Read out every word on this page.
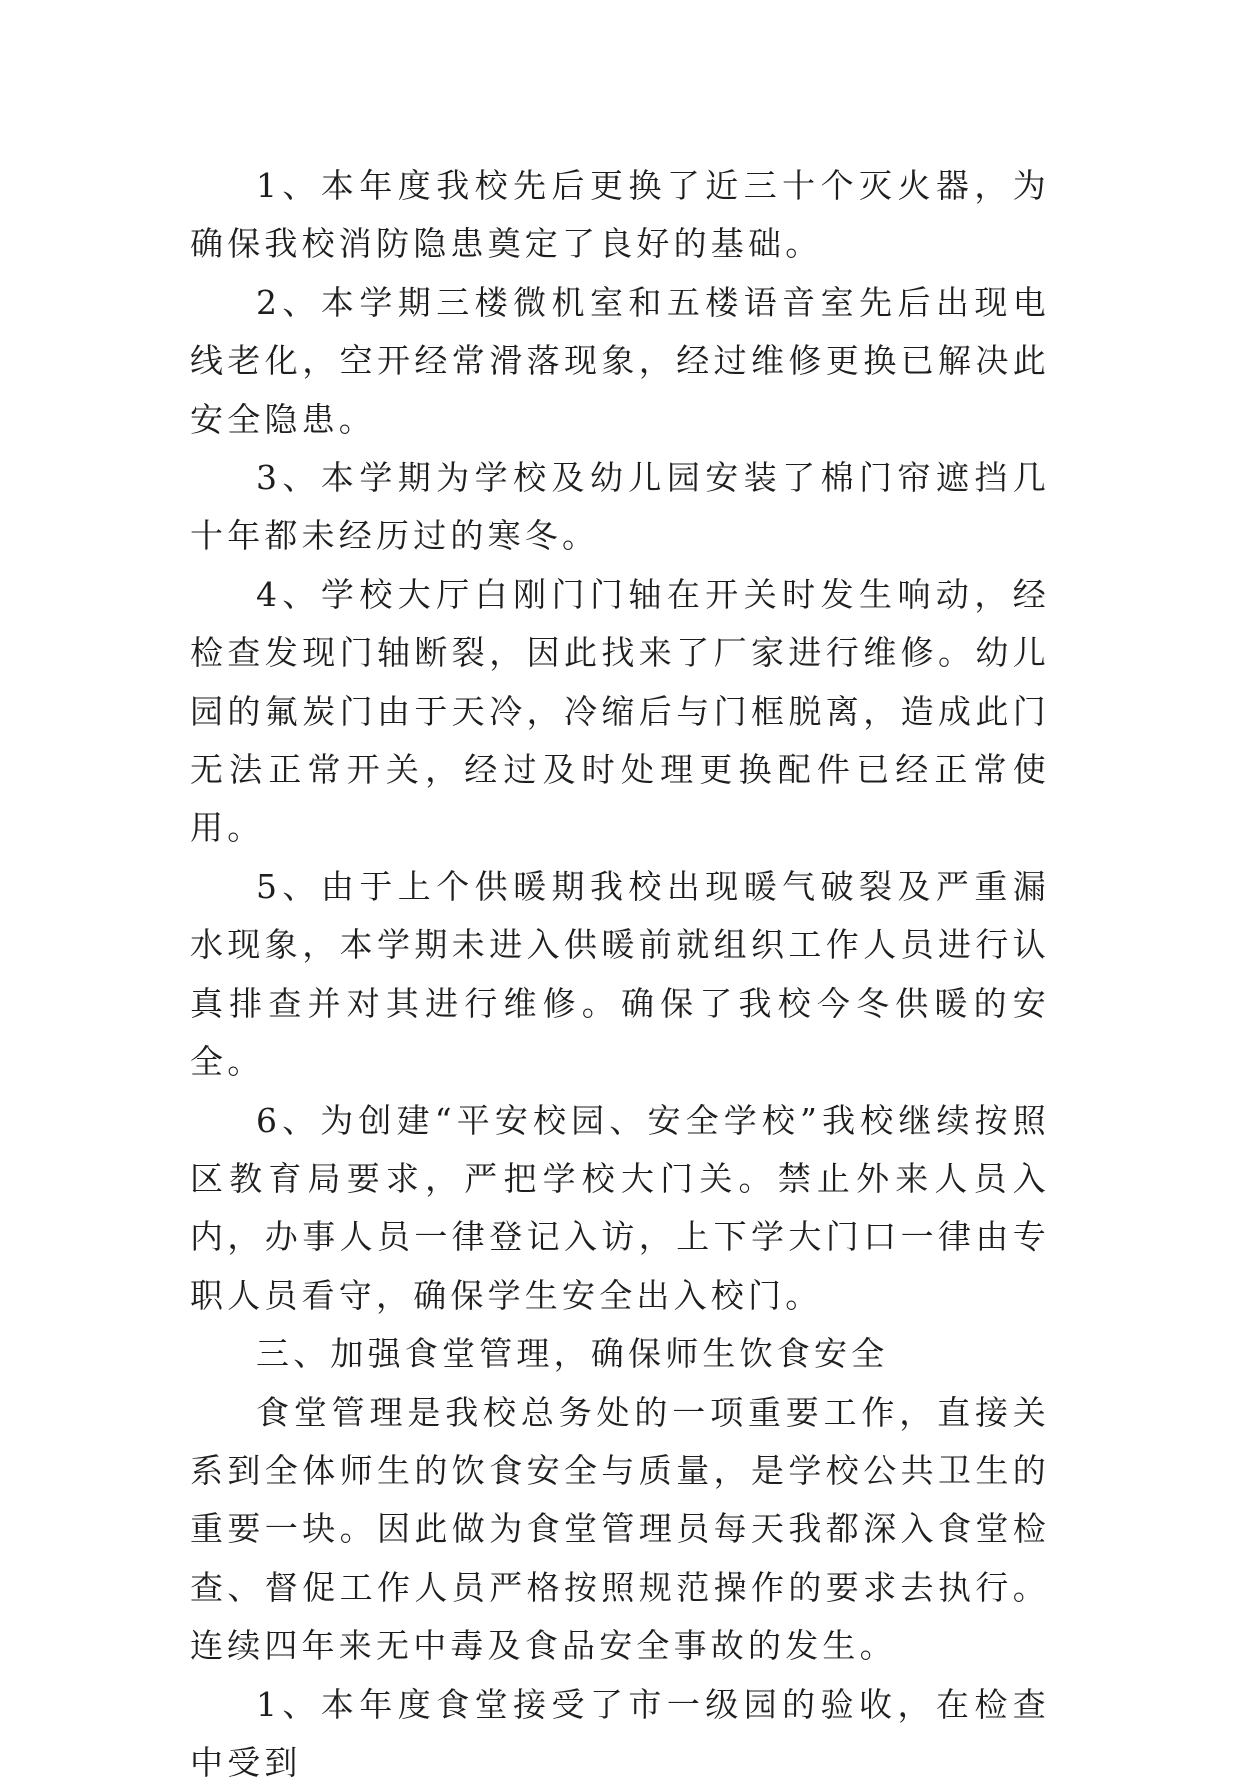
1、本年度我校先后更换了近三十个灭火器，为确保我校消防隐患奠定了良好的基础。

2、本学期三楼微机室和五楼语音室先后出现电线老化，空开经常滑落现象，经过维修更换已解决此安全隐患。

3、本学期为学校及幼儿园安装了棉门帘遮挡几十年都未经历过的寒冬。

4、学校大厅白刚门门轴在开关时发生响动，经检查发现门轴断裂，因此找来了厂家进行维修。幼儿园的氟炭门由于天冷，冷缩后与门框脱离，造成此门无法正常开关，经过及时处理更换配件已经正常使用。

5、由于上个供暖期我校出现暖气破裂及严重漏水现象，本学期未进入供暖前就组织工作人员进行认真排查并对其进行维修。确保了我校今冬供暖的安全。

6、为创建“平安校园、安全学校”我校继续按照区教育局要求，严把学校大门关。禁止外来人员入内，办事人员一律登记入访，上下学大门口一律由专职人员看守，确保学生安全出入校门。

三、加强食堂管理，确保师生饮食安全

食堂管理是我校总务处的一项重要工作，直接关系到全体师生的饮食安全与质量，是学校公共卫生的重要一块。因此做为食堂管理员每天我都深入食堂检查、督促工作人员严格按照规范操作的要求去执行。连续四年来无中毒及食品安全事故的发生。

1、本年度食堂接受了市一级园的验收，在检查中受到
